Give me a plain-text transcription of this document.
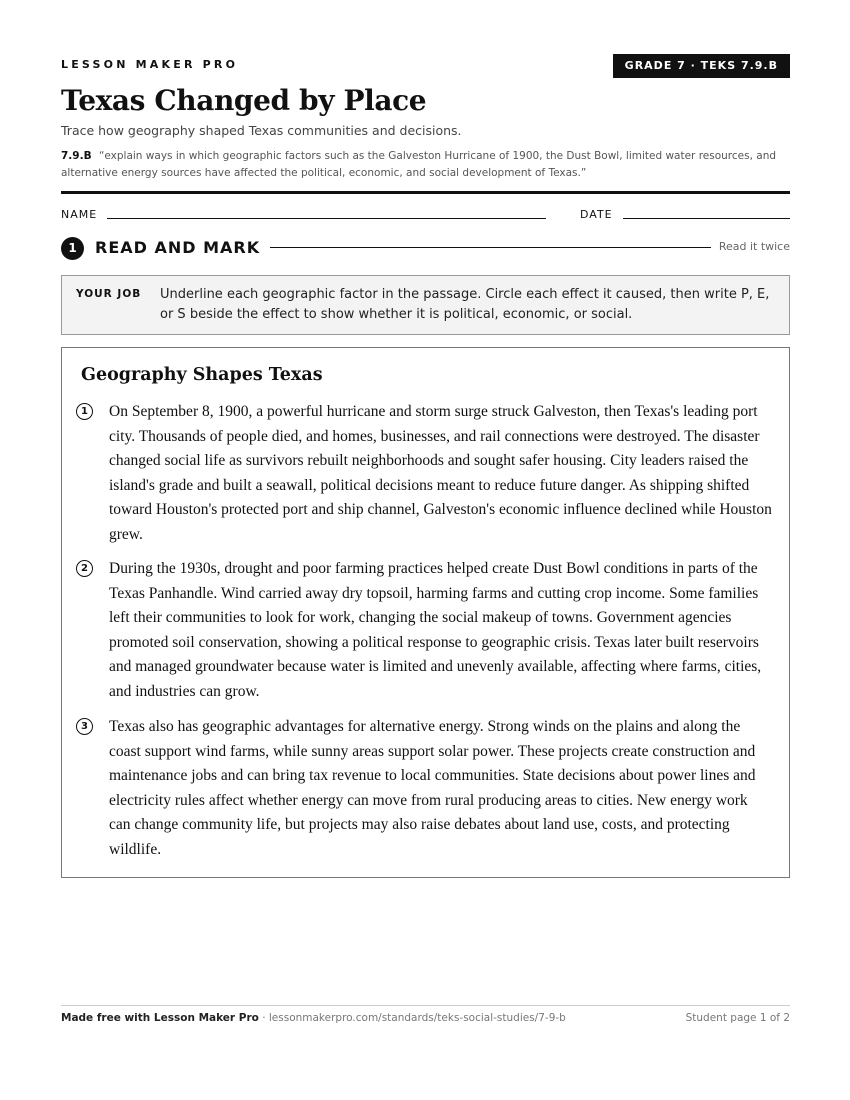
LESSON MAKER PRO	GRADE 7 · TEKS 7.9.B
Texas Changed by Place
Trace how geography shaped Texas communities and decisions.
7.9.B “explain ways in which geographic factors such as the Galveston Hurricane of 1900, the Dust Bowl, limited water resources, and alternative energy sources have affected the political, economic, and social development of Texas.”
NAME	DATE
1	READ AND MARK	Read it twice
YOUR JOB Underline each geographic factor in the passage. Circle each effect it caused, then write P, E, or S beside the effect to show whether it is political, economic, or social.
Geography Shapes Texas
1	On September 8, 1900, a powerful hurricane and storm surge struck Galveston, then Texas's leading port city. Thousands of people died, and homes, businesses, and rail connections were destroyed. The disaster changed social life as survivors rebuilt neighborhoods and sought safer housing. City leaders raised the island's grade and built a seawall, political decisions meant to reduce future danger. As shipping shifted toward Houston's protected port and ship channel, Galveston's economic influence declined while Houston grew.

2	During the 1930s, drought and poor farming practices helped create Dust Bowl conditions in parts of the Texas Panhandle. Wind carried away dry topsoil, harming farms and cutting crop income. Some families left their communities to look for work, changing the social makeup of towns. Government agencies promoted soil conservation, showing a political response to geographic crisis. Texas later built reservoirs and managed groundwater because water is limited and unevenly available, affecting where farms, cities, and industries can grow.

3	Texas also has geographic advantages for alternative energy. Strong winds on the plains and along the coast support wind farms, while sunny areas support solar power. These projects create construction and maintenance jobs and can bring tax revenue to local communities. State decisions about power lines and electricity rules affect whether energy can move from rural producing areas to cities. New energy work can change community life, but projects may also raise debates about land use, costs, and protecting wildlife.

Made free with Lesson Maker Pro · lessonmakerpro.com/standards/teks-social-studies/7-9-b	Student page 1 of 2
